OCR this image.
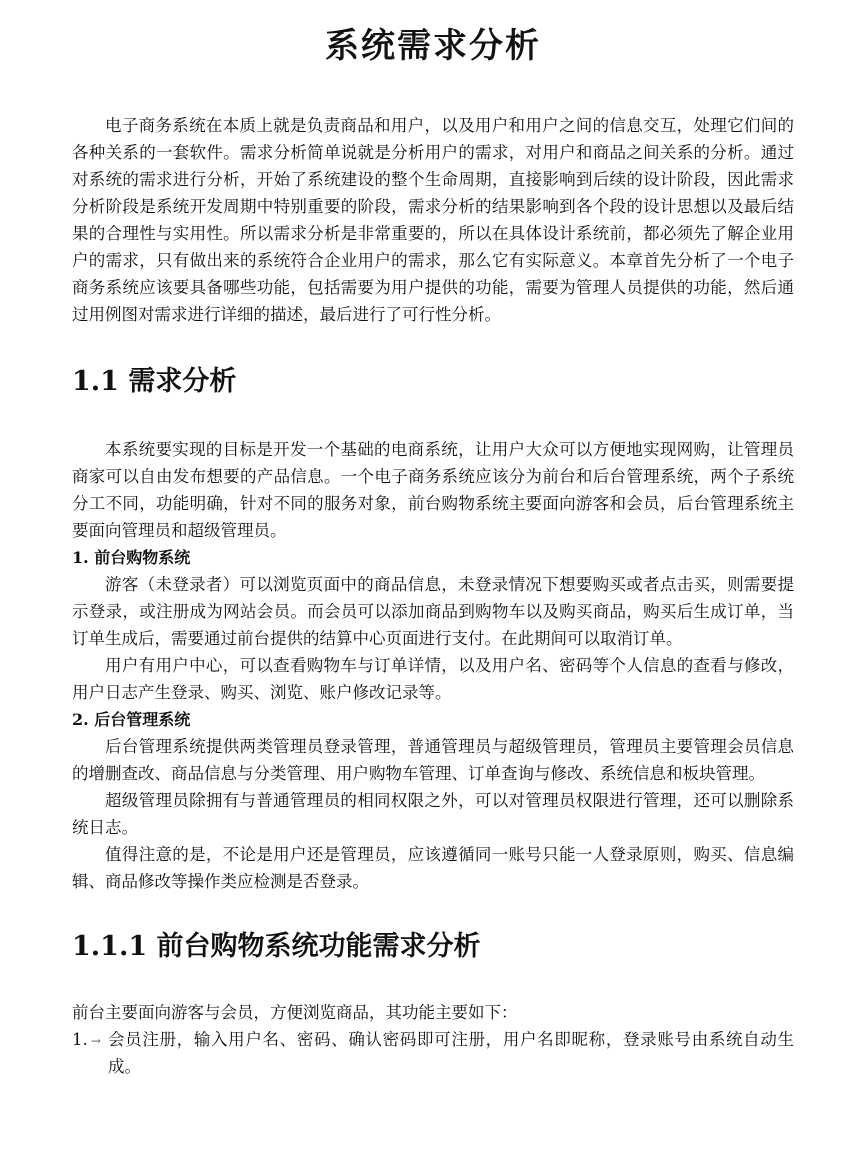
系统需求分析

电子商务系统在本质上就是负责商品和用户，以及用户和用户之间的信息交互，处理它们间的各种关系的一套软件。需求分析简单说就是分析用户的需求，对用户和商品之间关系的分析。通过对系统的需求进行分析，开始了系统建设的整个生命周期，直接影响到后续的设计阶段，因此需求分析阶段是系统开发周期中特别重要的阶段，需求分析的结果影响到各个段的设计思想以及最后结果的合理性与实用性。所以需求分析是非常重要的，所以在具体设计系统前，都必须先了解企业用户的需求，只有做出来的系统符合企业用户的需求，那么它有实际意义。本章首先分析了一个电子商务系统应该要具备哪些功能，包括需要为用户提供的功能，需要为管理人员提供的功能，然后通过用例图对需求进行详细的描述，最后进行了可行性分析。

1.1 需求分析

本系统要实现的目标是开发一个基础的电商系统，让用户大众可以方便地实现网购，让管理员商家可以自由发布想要的产品信息。一个电子商务系统应该分为前台和后台管理系统，两个子系统分工不同，功能明确，针对不同的服务对象，前台购物系统主要面向游客和会员，后台管理系统主要面向管理员和超级管理员。

1. 前台购物系统

游客（未登录者）可以浏览页面中的商品信息，未登录情况下想要购买或者点击买，则需要提示登录，或注册成为网站会员。而会员可以添加商品到购物车以及购买商品，购买后生成订单，当订单生成后，需要通过前台提供的结算中心页面进行支付。在此期间可以取消订单。

用户有用户中心，可以查看购物车与订单详情，以及用户名、密码等个人信息的查看与修改，用户日志产生登录、购买、浏览、账户修改记录等。

2. 后台管理系统

后台管理系统提供两类管理员登录管理，普通管理员与超级管理员，管理员主要管理会员信息的增删查改、商品信息与分类管理、用户购物车管理、订单查询与修改、系统信息和板块管理。

超级管理员除拥有与普通管理员的相同权限之外，可以对管理员权限进行管理，还可以删除系统日志。

值得注意的是，不论是用户还是管理员，应该遵循同一账号只能一人登录原则，购买、信息编辑、商品修改等操作类应检测是否登录。

1.1.1 前台购物系统功能需求分析

前台主要面向游客与会员，方便浏览商品，其功能主要如下：

1. → 会员注册，输入用户名、密码、确认密码即可注册，用户名即昵称，登录账号由系统自动生成。
